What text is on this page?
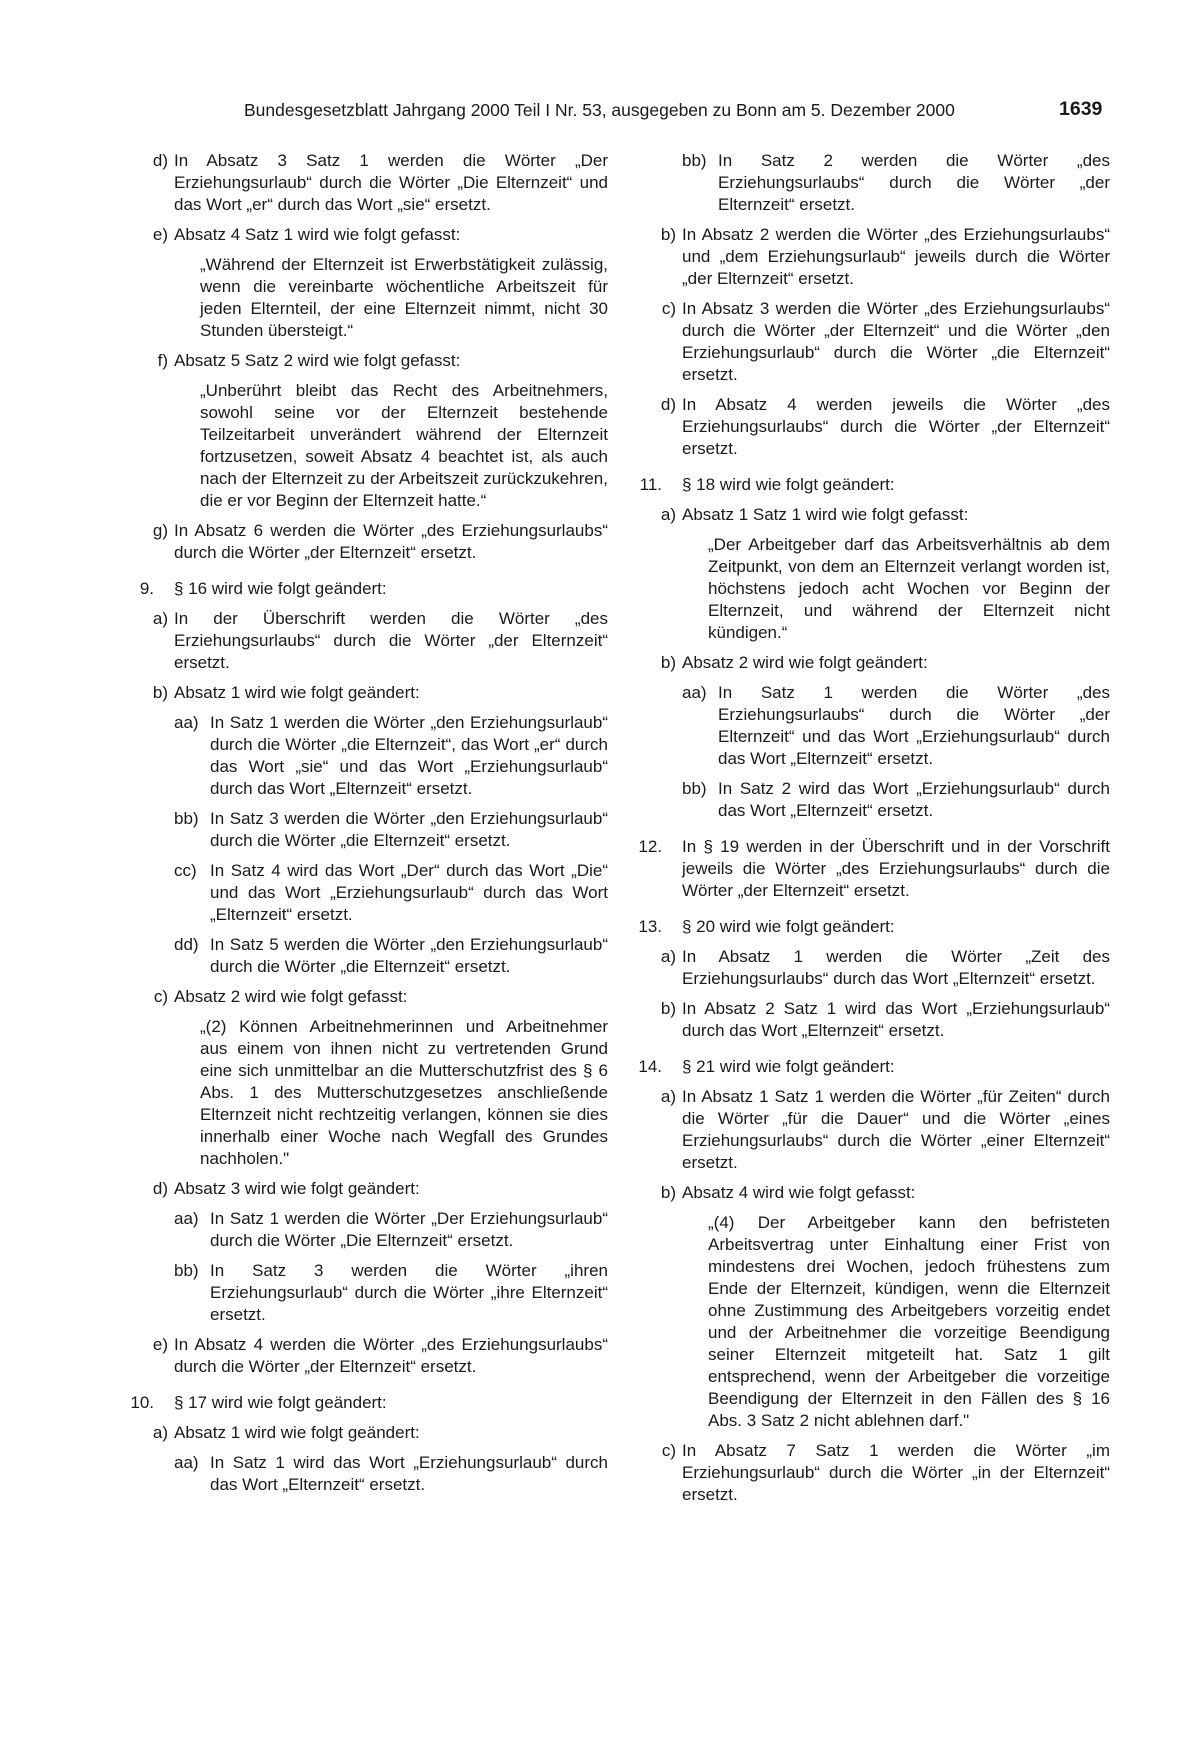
Bundesgesetzblatt Jahrgang 2000 Teil I Nr. 53, ausgegeben zu Bonn am 5. Dezember 2000	1639
d) In Absatz 3 Satz 1 werden die Wörter „Der Erziehungsurlaub“ durch die Wörter „Die Elternzeit“ und das Wort „er“ durch das Wort „sie“ ersetzt.
e) Absatz 4 Satz 1 wird wie folgt gefasst:
„Während der Elternzeit ist Erwerbstätigkeit zulässig, wenn die vereinbarte wöchentliche Arbeitszeit für jeden Elternteil, der eine Elternzeit nimmt, nicht 30 Stunden übersteigt.“
f) Absatz 5 Satz 2 wird wie folgt gefasst:
„Unberührt bleibt das Recht des Arbeitnehmers, sowohl seine vor der Elternzeit bestehende Teilzeitarbeit unverändert während der Elternzeit fortzusetzen, soweit Absatz 4 beachtet ist, als auch nach der Elternzeit zu der Arbeitszeit zurückzukehren, die er vor Beginn der Elternzeit hatte.“
g) In Absatz 6 werden die Wörter „des Erziehungsurlaubs“ durch die Wörter „der Elternzeit“ ersetzt.
9. § 16 wird wie folgt geändert:
a) In der Überschrift werden die Wörter „des Erziehungsurlaubs“ durch die Wörter „der Elternzeit“ ersetzt.
b) Absatz 1 wird wie folgt geändert:
aa) In Satz 1 werden die Wörter „den Erziehungsurlaub“ durch die Wörter „die Elternzeit“, das Wort „er“ durch das Wort „sie“ und das Wort „Erziehungsurlaub“ durch das Wort „Elternzeit“ ersetzt.
bb) In Satz 3 werden die Wörter „den Erziehungsurlaub“ durch die Wörter „die Elternzeit“ ersetzt.
cc) In Satz 4 wird das Wort „Der“ durch das Wort „Die“ und das Wort „Erziehungsurlaub“ durch das Wort „Elternzeit“ ersetzt.
dd) In Satz 5 werden die Wörter „den Erziehungsurlaub“ durch die Wörter „die Elternzeit“ ersetzt.
c) Absatz 2 wird wie folgt gefasst:
„(2) Können Arbeitnehmerinnen und Arbeitnehmer aus einem von ihnen nicht zu vertretenden Grund eine sich unmittelbar an die Mutterschutzfrist des § 6 Abs. 1 des Mutterschutzgesetzes anschließende Elternzeit nicht rechtzeitig verlangen, können sie dies innerhalb einer Woche nach Wegfall des Grundes nachholen."
d) Absatz 3 wird wie folgt geändert:
aa) In Satz 1 werden die Wörter „Der Erziehungsurlaub“ durch die Wörter „Die Elternzeit“ ersetzt.
bb) In Satz 3 werden die Wörter „ihren Erziehungsurlaub“ durch die Wörter „ihre Elternzeit“ ersetzt.
e) In Absatz 4 werden die Wörter „des Erziehungsurlaubs“ durch die Wörter „der Elternzeit“ ersetzt.
10. § 17 wird wie folgt geändert:
a) Absatz 1 wird wie folgt geändert:
aa) In Satz 1 wird das Wort „Erziehungsurlaub“ durch das Wort „Elternzeit“ ersetzt.
bb) In Satz 2 werden die Wörter „des Erziehungsurlaubs“ durch die Wörter „der Elternzeit“ ersetzt.
b) In Absatz 2 werden die Wörter „des Erziehungsurlaubs“ und „dem Erziehungsurlaub“ jeweils durch die Wörter „der Elternzeit“ ersetzt.
c) In Absatz 3 werden die Wörter „des Erziehungsurlaubs“ durch die Wörter „der Elternzeit“ und die Wörter „den Erziehungsurlaub“ durch die Wörter „die Elternzeit“ ersetzt.
d) In Absatz 4 werden jeweils die Wörter „des Erziehungsurlaubs“ durch die Wörter „der Elternzeit“ ersetzt.
11. § 18 wird wie folgt geändert:
a) Absatz 1 Satz 1 wird wie folgt gefasst:
„Der Arbeitgeber darf das Arbeitsverhältnis ab dem Zeitpunkt, von dem an Elternzeit verlangt worden ist, höchstens jedoch acht Wochen vor Beginn der Elternzeit, und während der Elternzeit nicht kündigen.“
b) Absatz 2 wird wie folgt geändert:
aa) In Satz 1 werden die Wörter „des Erziehungsurlaubs“ durch die Wörter „der Elternzeit“ und das Wort „Erziehungsurlaub“ durch das Wort „Elternzeit“ ersetzt.
bb) In Satz 2 wird das Wort „Erziehungsurlaub“ durch das Wort „Elternzeit“ ersetzt.
12. In § 19 werden in der Überschrift und in der Vorschrift jeweils die Wörter „des Erziehungsurlaubs“ durch die Wörter „der Elternzeit“ ersetzt.
13. § 20 wird wie folgt geändert:
a) In Absatz 1 werden die Wörter „Zeit des Erziehungsurlaubs“ durch das Wort „Elternzeit“ ersetzt.
b) In Absatz 2 Satz 1 wird das Wort „Erziehungsurlaub“ durch das Wort „Elternzeit“ ersetzt.
14. § 21 wird wie folgt geändert:
a) In Absatz 1 Satz 1 werden die Wörter „für Zeiten“ durch die Wörter „für die Dauer“ und die Wörter „eines Erziehungsurlaubs“ durch die Wörter „einer Elternzeit“ ersetzt.
b) Absatz 4 wird wie folgt gefasst:
„(4) Der Arbeitgeber kann den befristeten Arbeitsvertrag unter Einhaltung einer Frist von mindestens drei Wochen, jedoch frühestens zum Ende der Elternzeit, kündigen, wenn die Elternzeit ohne Zustimmung des Arbeitgebers vorzeitig endet und der Arbeitnehmer die vorzeitige Beendigung seiner Elternzeit mitgeteilt hat. Satz 1 gilt entsprechend, wenn der Arbeitgeber die vorzeitige Beendigung der Elternzeit in den Fällen des § 16 Abs. 3 Satz 2 nicht ablehnen darf."
c) In Absatz 7 Satz 1 werden die Wörter „im Erziehungsurlaub“ durch die Wörter „in der Elternzeit“ ersetzt.
